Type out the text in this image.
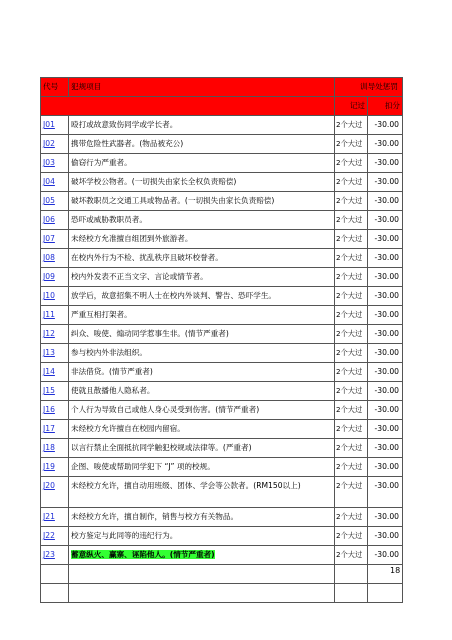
代号	犯规项目	训导处惩罚	
		记过	扣分
J01	殴打或故意致伤同学或学长者。	2个大过	-30.00
J02	携带危险性武器者。(物品被充公)	2个大过	-30.00
J03	偷窃行为严重者。	2个大过	-30.00
J04	破坏学校公物者。(一切损失由家长全权负责赔偿)	2个大过	-30.00
J05	破坏教职员之交通工具或物品者。(一切损失由家长负责赔偿)	2个大过	-30.00
J06	恐吓或威胁教职员者。	2个大过	-30.00
J07	未经校方允准擅自组团到外旅游者。	2个大过	-30.00
J08	在校内外行为不检、扰乱秩序且破坏校誉者。	2个大过	-30.00
J09	校内外发表不正当文字、言论或情节者。	2个大过	-30.00
J10	放学后，故意招集不明人士在校内外谈判、警告、恐吓学生。	2个大过	-30.00
J11	严重互相打架者。	2个大过	-30.00
J12	纠众、唆使、煽动同学惹事生非。(情节严重者)	2个大过	-30.00
J13	参与校内外非法组织。	2个大过	-30.00
J14	非法借贷。(情节严重者)	2个大过	-30.00
J15	使就且散播他人隐私者。	2个大过	-30.00
J16	个人行为导致自己或他人身心灵受到伤害。(情节严重者)	2个大过	-30.00
J17	未经校方允许擅自在校园内留宿。	2个大过	-30.00
J18	以言行禁止全面抵抗同学触犯校规或法律等。(严重者)	2个大过	-30.00
J19	企图、唆使或帮助同学犯下 “J” 项的校规。	2个大过	-30.00
J20	未经校方允许，擅自动用班级、团体、学会等公款者。(RM150以上)	2个大过	-30.00
J21	未经校方允许，擅自制作，销售与校方有关物品。	2个大过	-30.00
J22	校方鉴定与此同等的违纪行为。	2个大过	-30.00
J23	蓄意纵火、赢寨、诬陷他人。(情节严重者)	2个大过	-30.00

18
